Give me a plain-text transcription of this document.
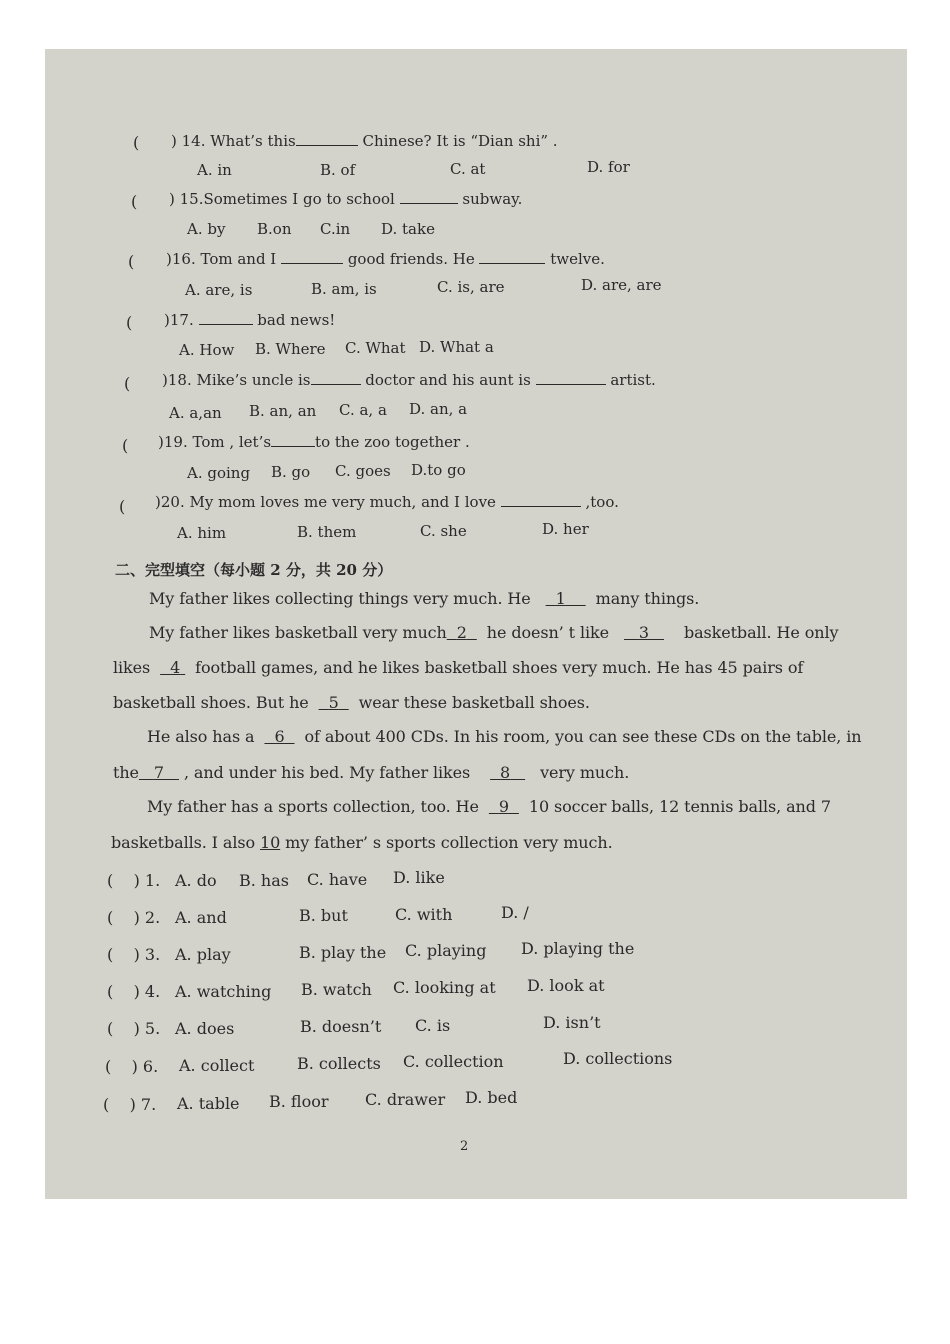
( ) 14. What’s this	Chinese? It is “Dian shi” .
A. in	B. of	C. at	D. for
( ) 15.Sometimes I go to school	subway.
A. by B.on C.in D. take
( )16. Tom and I	good friends. He	twelve.
A. are, is	B. am, is	C. is, are	D. are, are
( )17.	bad news!
A. How B. Where C. What D. What a
( )18. Mike’s uncle is	doctor and his aunt is	artist.
A. a,an B. an, an C. a, a D. an, a
( )19. Tom , let’s	to the zoo together .
A. going B. go C. goes D.to go
( )20. My mom loves me very much, and I love	,too.
A. him	B. them	C. she	D. her
二、完型填空（每小题 2 分，共 20 分）
My father likes collecting things very much. He 1 many things.
My father likes basketball very much 2 he doesn’ t like 3 basketball. He only
likes 4 football games, and he likes basketball shoes very much. He has 45 pairs of
basketball shoes. But he 5 wear these basketball shoes.
He also has a 6 of about 400 CDs. In his room, you can see these CDs on the table, in
the 7 , and under his bed. My father likes 8 very much.
My father has a sports collection, too. He 9 10 soccer balls, 12 tennis balls, and 7
basketballs. I also 10 my father’ s sports collection very much.
( ) 1. A. do B. has C. have D. like
( ) 2. A. and	B. but	C. with	D. /
( ) 3. A. play	B. play the C. playing D. playing the
( ) 4. A. watching B. watch C. looking at D. look at
( ) 5. A. does	B. doesn’t C. is	D. isn’t
( ) 6. A. collect	B. collects C. collection	D. collections
( ) 7. A. table B. floor C. drawer D. bed
2
